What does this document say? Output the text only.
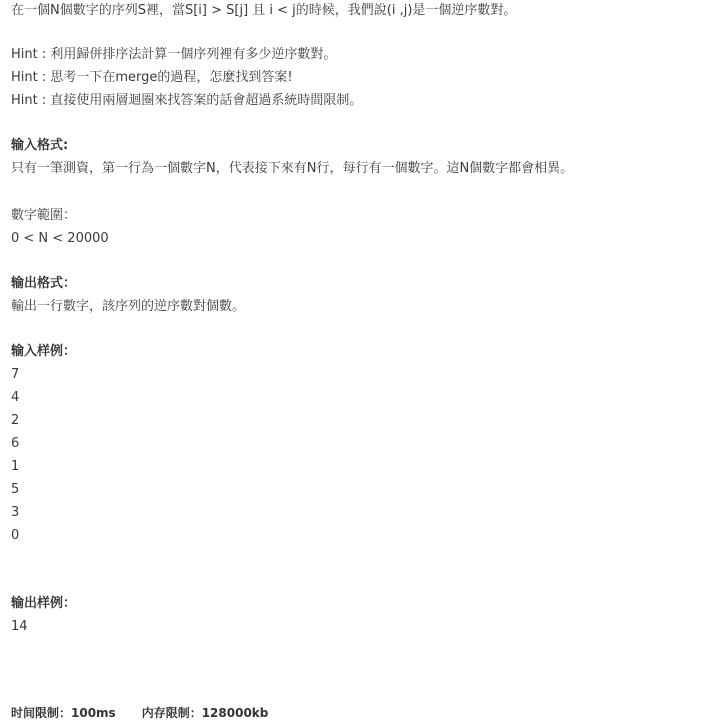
在一個N個數字的序列S裡，當S[i] > S[j] 且 i < j的時候，我們說(i ,j)是一個逆序數對。
Hint : 利用歸併排序法計算一個序列裡有多少逆序數對。
Hint : 思考一下在merge的過程，怎麼找到答案!
Hint : 直接使用兩層迴圈來找答案的話會超過系統時間限制。
输入格式:
只有一筆測資，第一行為一個數字N，代表接下來有N行，每行有一個數字。這N個數字都會相異。
數字範圍：
0 < N < 20000
输出格式：
輸出一行數字，該序列的逆序數對個數。
输入样例：
7
4
2
6
1
5
3
0
输出样例：
14
时间限制：100ms 内存限制：128000kb
